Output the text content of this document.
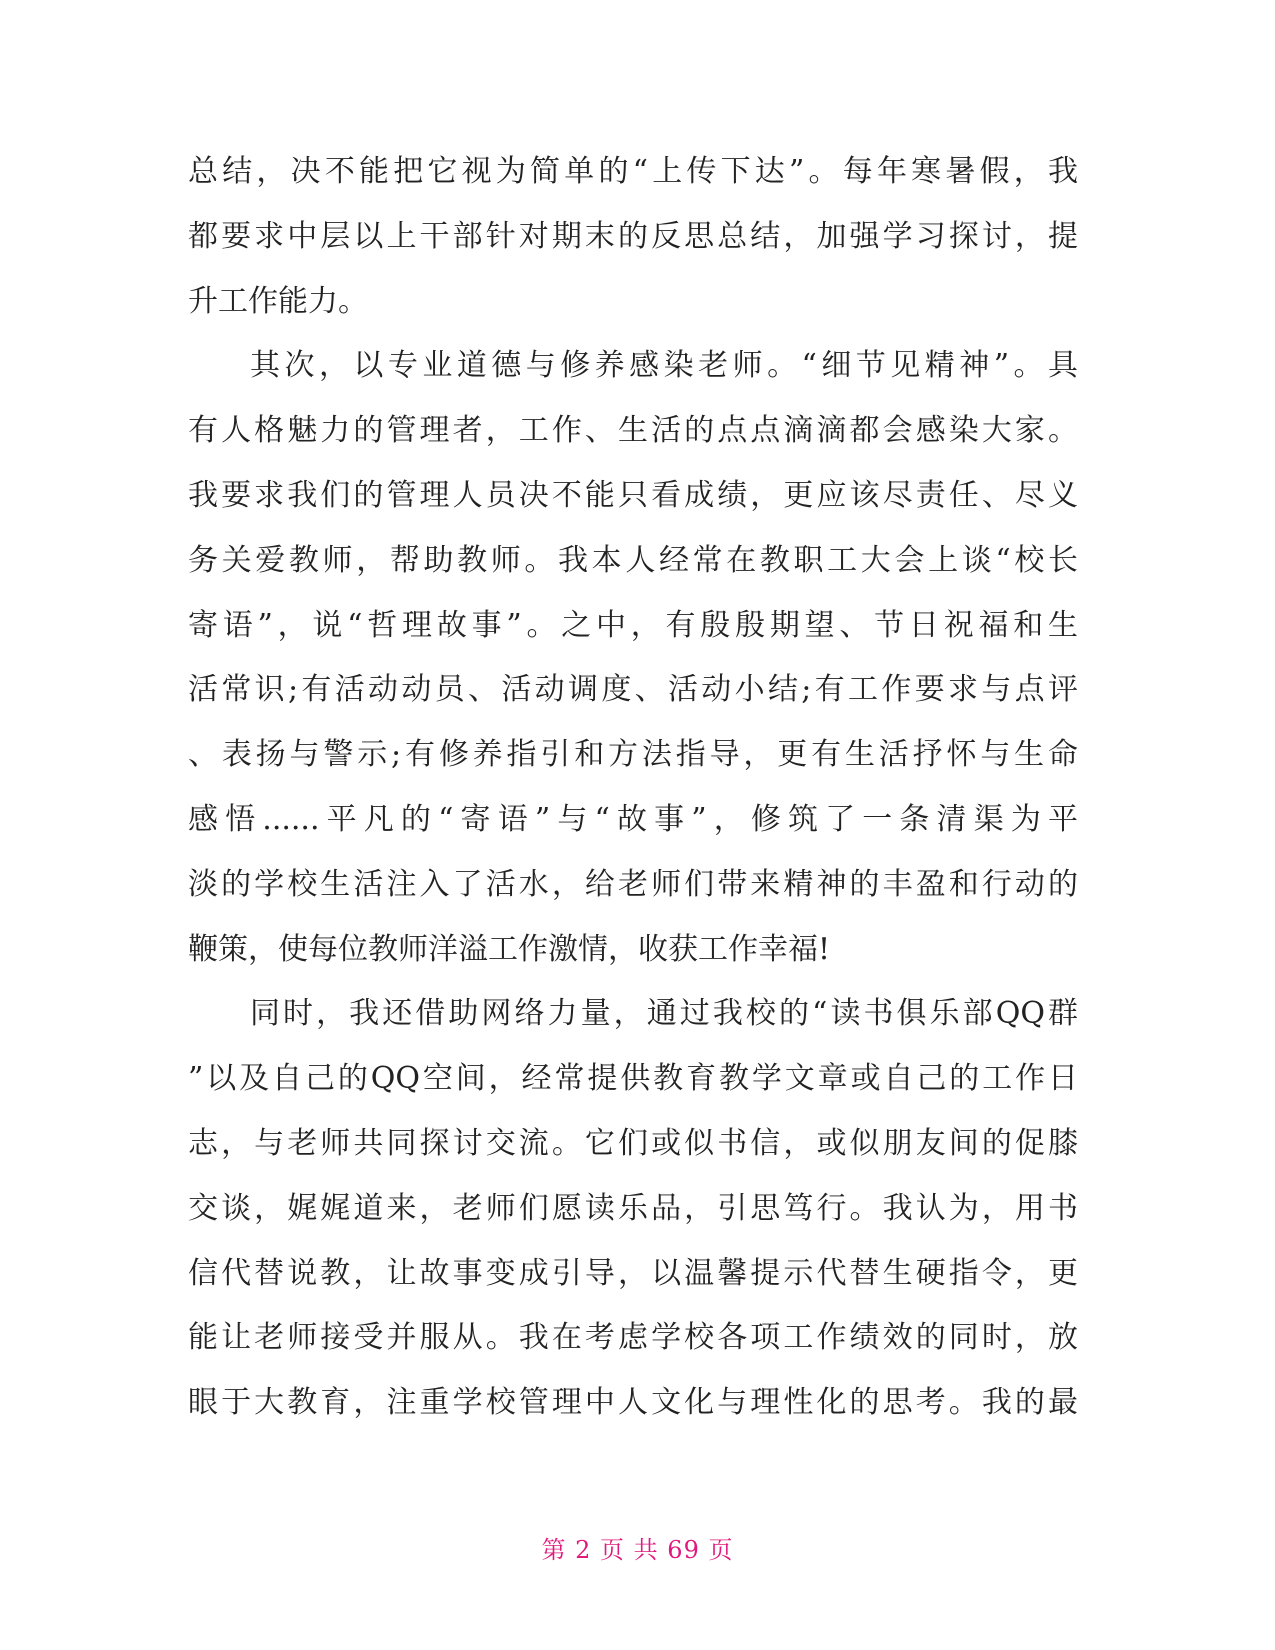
总结，决不能把它视为简单的“上传下达”。每年寒暑假，我
都要求中层以上干部针对期末的反思总结，加强学习探讨，提
升工作能力。
其次，以专业道德与修养感染老师。“细节见精神”。具
有人格魅力的管理者，工作、生活的点点滴滴都会感染大家。
我要求我们的管理人员决不能只看成绩，更应该尽责任、尽义
务关爱教师，帮助教师。我本人经常在教职工大会上谈“校长
寄语”，说“哲理故事”。之中，有殷殷期望、节日祝福和生
活常识;有活动动员、活动调度、活动小结;有工作要求与点评
、表扬与警示;有修养指引和方法指导，更有生活抒怀与生命
感悟......平凡的“寄语”与“故事”，修筑了一条清渠为平
淡的学校生活注入了活水，给老师们带来精神的丰盈和行动的
鞭策，使每位教师洋溢工作激情，收获工作幸福!
同时，我还借助网络力量，通过我校的“读书俱乐部QQ群
”以及自己的QQ空间，经常提供教育教学文章或自己的工作日
志，与老师共同探讨交流。它们或似书信，或似朋友间的促膝
交谈，娓娓道来，老师们愿读乐品，引思笃行。我认为，用书
信代替说教，让故事变成引导，以温馨提示代替生硬指令，更
能让老师接受并服从。我在考虑学校各项工作绩效的同时，放
眼于大教育，注重学校管理中人文化与理性化的思考。我的最
第 2 页 共 69 页
